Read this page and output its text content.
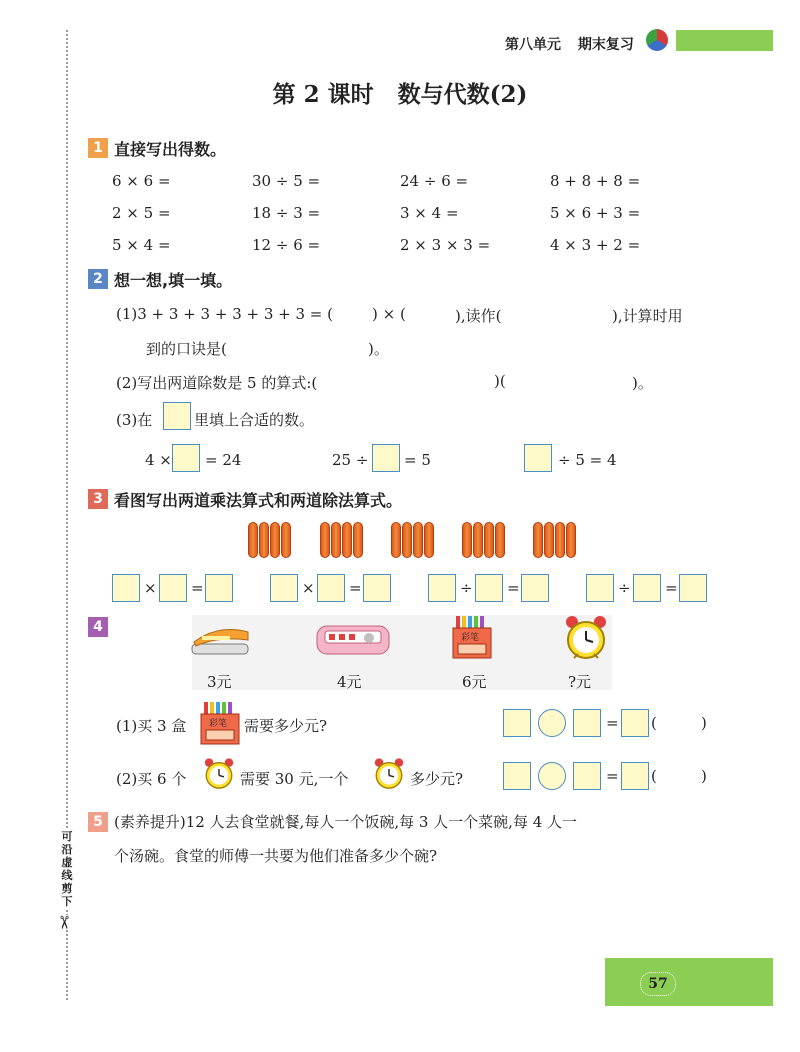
可
沿
虚
线
剪
下
✂
第八单元 期末复习
第 2 课时 数与代数(2)
1 直接写出得数。
6 × 6 =	30 ÷ 5 =	24 ÷ 6 =	8 + 8 + 8 =
2 × 5 =	18 ÷ 3 =	3 × 4 =	5 × 6 + 3 =
5 × 4 =	12 ÷ 6 =	2 × 3 × 3 =	4 × 3 + 2 =
2 想一想,填一填。
(1)3 + 3 + 3 + 3 + 3 + 3 = (	) × (	),读作(	),计算时用
到的口诀是(	)。
(2)写出两道除数是 5 的算式:(	)(	)。
(3)在	里填上合适的数。
4 × = 24	25 ÷ = 5	÷ 5 = 4
3 看图写出两道乘法算式和两道除法算式。
× =	× =	÷ =	÷ =
4
彩笔
3元	4元	6元	?元
(1)买 3 盒	彩笔 需要多少元?	= (	)
(2)买 6 个	需要 30 元,一个	多少元?	= (	)
5 (素养提升)12 人去食堂就餐,每人一个饭碗,每 3 人一个菜碗,每 4 人一
个汤碗。食堂的师傅一共要为他们准备多少个碗?
57
